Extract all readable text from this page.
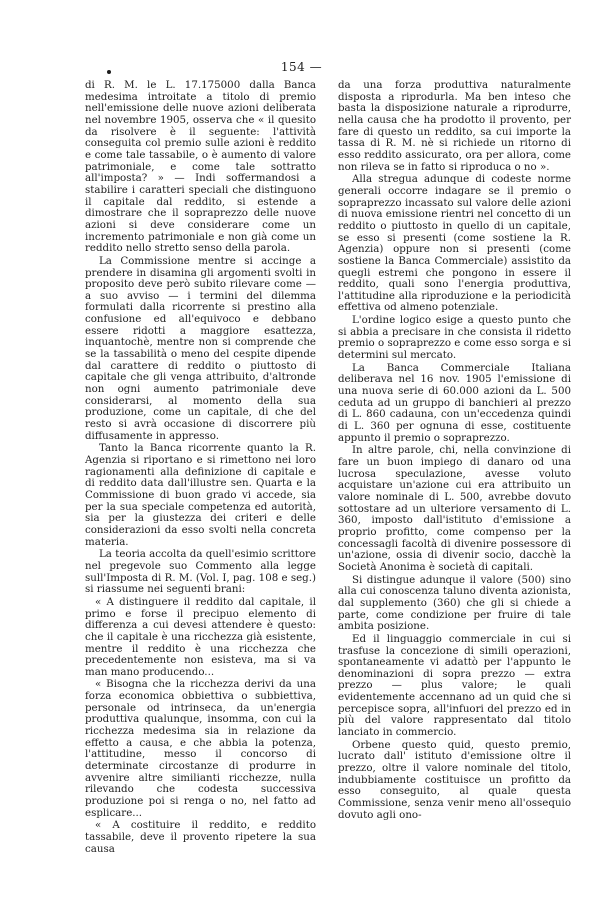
154 —

di R. M. le L. 17.175000 dalla Banca medesima introitate a titolo di premio nell'emissione delle nuove azioni deliberata nel novembre 1905, osserva che « il quesito da risolvere è il seguente: l'attività conseguita col premio sulle azioni è reddito e come tale tassabile, o è aumento di valore patrimoniale, e come tale sottratto all'imposta? » — Indi soffermandosi a stabilire i caratteri speciali che distinguono il capitale dal reddito, si estende a dimostrare che il sopraprezzo delle nuove azioni si deve considerare come un incremento patrimoniale e non già come un reddito nello stretto senso della parola.

La Commissione mentre si accinge a prendere in disamina gli argomenti svolti in proposito deve però subito rilevare come — a suo avviso — i termini del dilemma formulati dalla ricorrente si prestino alla confusione ed all'equivoco e debbano essere ridotti a maggiore esattezza, inquantochè, mentre non si comprende che se la tassabilità o meno del cespite dipende dal carattere di reddito o piuttosto di capitale che gli venga attribuito, d'altronde non ogni aumento patrimoniale deve considerarsi, al momento della sua produzione, come un capitale, di che del resto si avrà occasione di discorrere più diffusamente in appresso.

Tanto la Banca ricorrente quanto la R. Agenzia si riportano e si rimettono nei loro ragionamenti alla definizione di capitale e di reddito data dall'illustre sen. Quarta e la Commissione di buon grado vi accede, sia per la sua speciale competenza ed autorità, sia per la giustezza dei criteri e delle considerazioni da esso svolti nella concreta materia.

La teoria accolta da quell'esimio scrittore nel pregevole suo Commento alla legge sull'Imposta di R. M. (Vol. I, pag. 108 e seg.) si riassume nei seguenti brani:

« A distinguere il reddito dal capitale, il primo e forse il precipuo elemento di differenza a cui devesi attendere è questo: che il capitale è una ricchezza già esistente, mentre il reddito è una ricchezza che precedentemente non esisteva, ma si va man mano producendo...

« Bisogna che la ricchezza derivi da una forza economica obbiettiva o subbiettiva, personale od intrinseca, da un'energia produttiva qualunque, insomma, con cui la ricchezza medesima sia in relazione da effetto a causa, e che abbia la potenza, l'attitudine, messo il concorso di determinate circostanze di produrre in avvenire altre similianti ricchezze, nulla rilevando che codesta successiva produzione poi si renga o no, nel fatto ad esplicare...

« A costituire il reddito, e reddito tassabile, deve il provento ripetere la sua causa

da una forza produttiva naturalmente disposta a riprodurla. Ma ben inteso che basta la disposizione naturale a riprodurre, nella causa che ha prodotto il provento, per fare di questo un reddito, sa cui importe la tassa di R. M. nè si richiede un ritorno di esso reddito assicurato, ora per allora, come non rileva se in fatto si riproduca o no ».

Alla stregua adunque di codeste norme generali occorre indagare se il premio o sopraprezzo incassato sul valore delle azioni di nuova emissione rientri nel concetto di un reddito o piuttosto in quello di un capitale, se esso si presenti (come sostiene la R. Agenzia) oppure non si presenti (come sostiene la Banca Commerciale) assistito da quegli estremi che pongono in essere il reddito, quali sono l'energia produttiva, l'attitudine alla riproduzione e la periodicità effettiva od almeno potenziale.

L'ordine logico esige a questo punto che si abbia a precisare in che consista il ridetto premio o sopraprezzo e come esso sorga e si determini sul mercato.

La Banca Commerciale Italiana deliberava nel 16 nov. 1905 l'emissione di una nuova serie di 60.000 azioni da L. 500 ceduta ad un gruppo di banchieri al prezzo di L. 860 cadauna, con un'eccedenza quindi di L. 360 per ognuna di esse, costituente appunto il premio o sopraprezzo.

In altre parole, chi, nella convinzione di fare un buon impiego di danaro od una lucrosa speculazione, avesse voluto acquistare un'azione cui era attribuito un valore nominale di L. 500, avrebbe dovuto sottostare ad un ulteriore versamento di L. 360, imposto dall'istituto d'emissione a proprio profitto, come compenso per la concessagli facoltà di divenire possessore di un'azione, ossia di divenir socio, dacchè la Società Anonima è società di capitali.

Si distingue adunque il valore (500) sino alla cui conoscenza taluno diventa azionista, dal supplemento (360) che gli si chiede a parte, come condizione per fruire di tale ambita posizione.

Ed il linguaggio commerciale in cui si trasfuse la concezione di simili operazioni, spontaneamente vi adattò per l'appunto le denominazioni di sopra prezzo — extra prezzo — plus valore; le quali evidentemente accennano ad un quid che si percepisce sopra, all'infuori del prezzo ed in più del valore rappresentato dal titolo lanciato in commercio.

Orbene questo quid, questo premio, lucrato dall' istituto d'emissione oltre il prezzo, oltre il valore nominale del titolo, indubbiamente costituisce un profitto da esso conseguito, al quale questa Commissione, senza venir meno all'ossequio dovuto agli ono-
